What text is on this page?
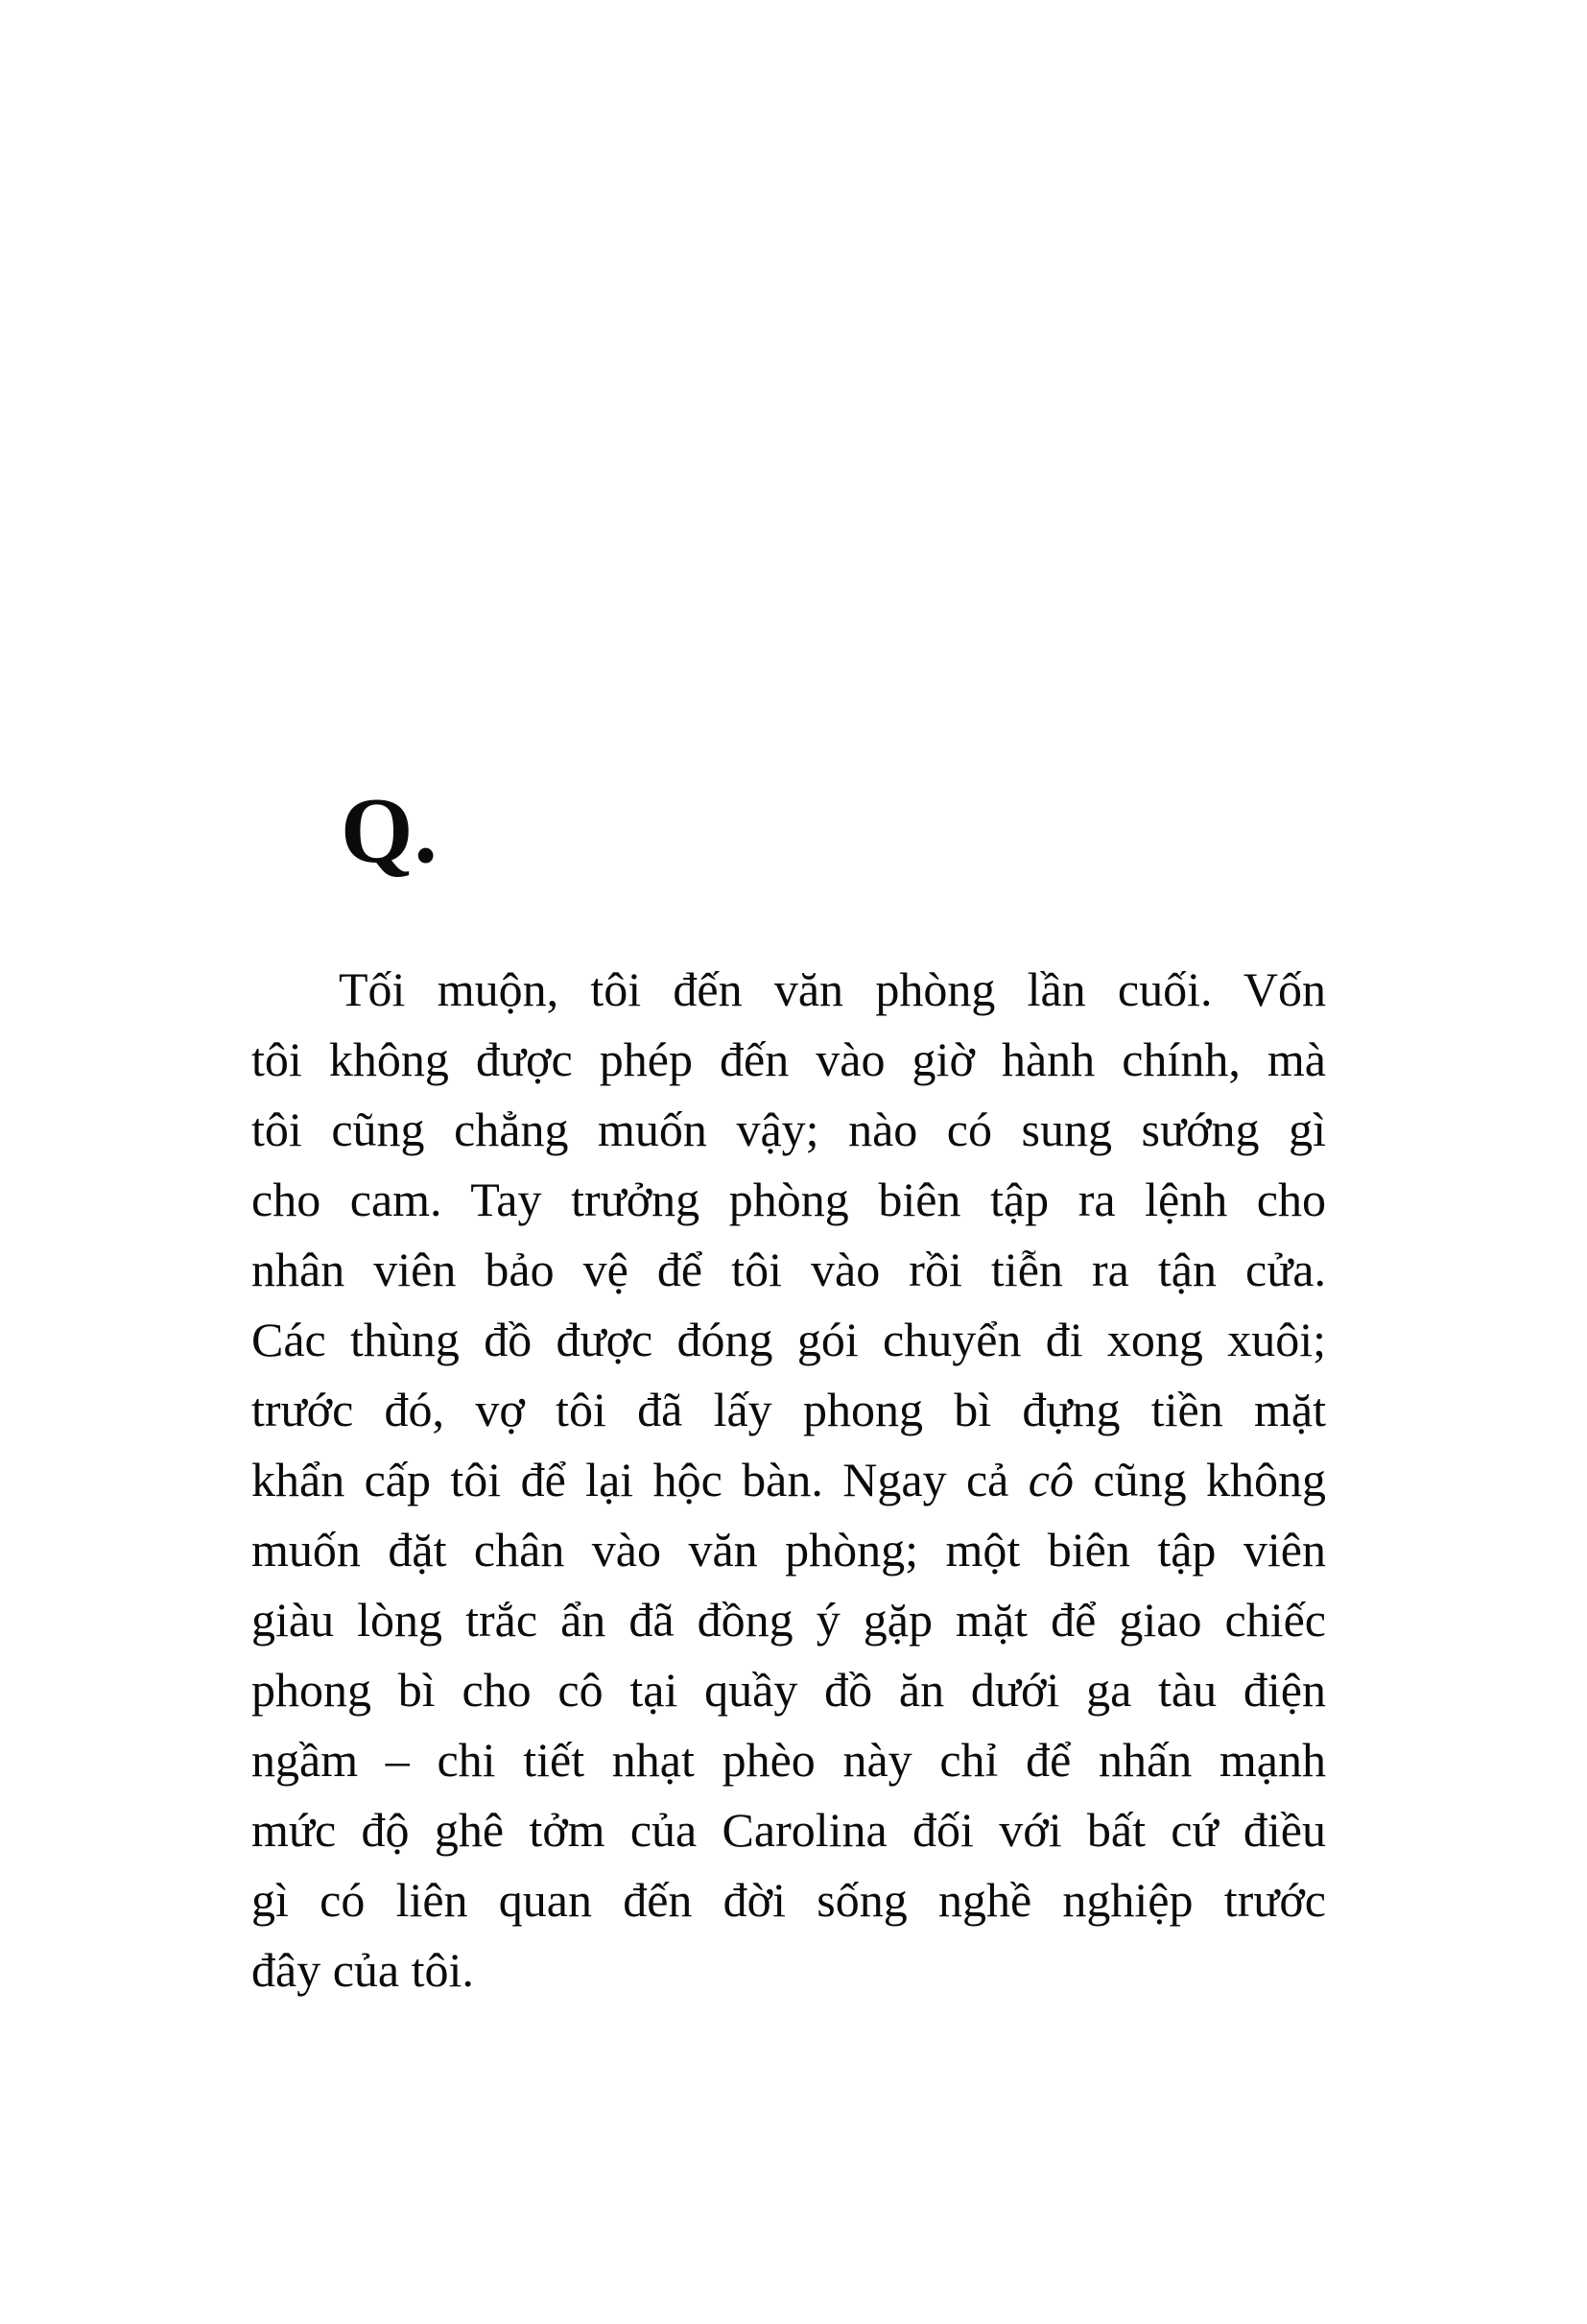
Q.
Tối muộn, tôi đến văn phòng lần cuối. Vốn
tôi không được phép đến vào giờ hành chính, mà
tôi cũng chẳng muốn vậy; nào có sung sướng gì
cho cam. Tay trưởng phòng biên tập ra lệnh cho
nhân viên bảo vệ để tôi vào rồi tiễn ra tận cửa.
Các thùng đồ được đóng gói chuyển đi xong xuôi;
trước đó, vợ tôi đã lấy phong bì đựng tiền mặt
khẩn cấp tôi để lại hộc bàn. Ngay cả cô cũng không
muốn đặt chân vào văn phòng; một biên tập viên
giàu lòng trắc ẩn đã đồng ý gặp mặt để giao chiếc
phong bì cho cô tại quầy đồ ăn dưới ga tàu điện
ngầm – chi tiết nhạt phèo này chỉ để nhấn mạnh
mức độ ghê tởm của Carolina đối với bất cứ điều
gì có liên quan đến đời sống nghề nghiệp trước
đây của tôi.
